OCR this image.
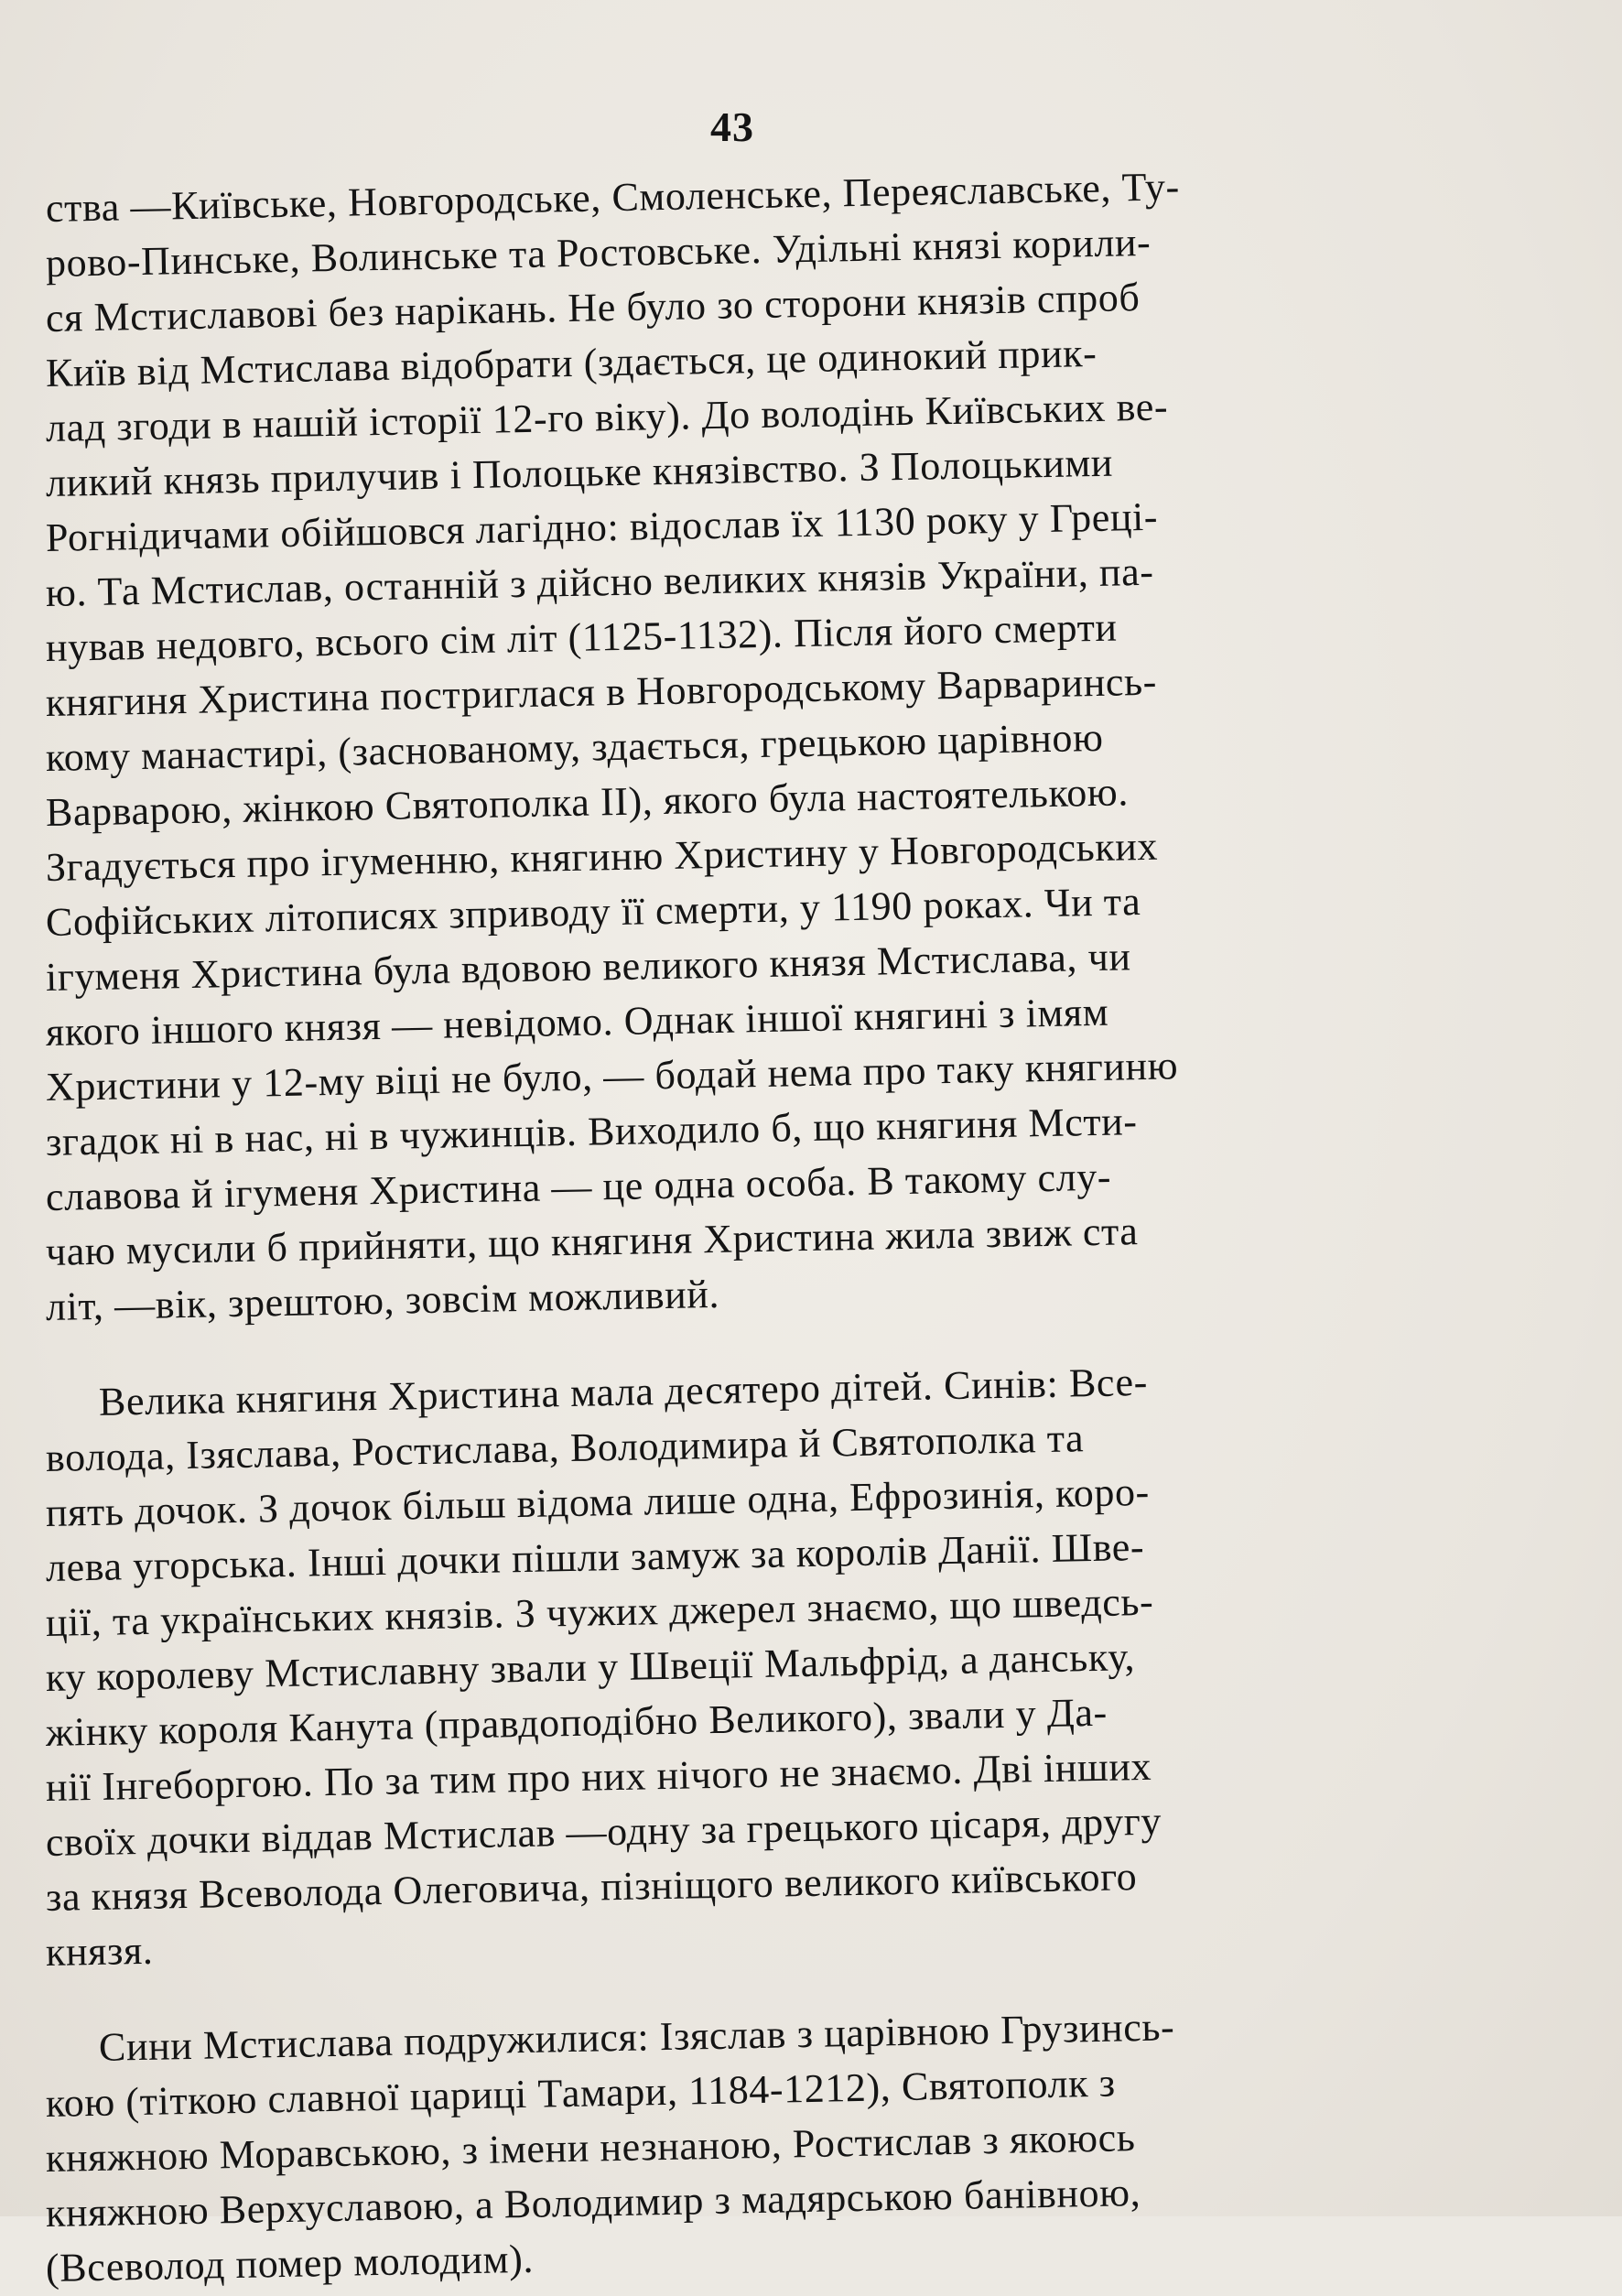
43
ства —Київське, Новгородське, Смоленське, Переяславське, Ту-
рово-Пинське, Волинське та Ростовське. Удільні князі корили-
ся Мстиславові без нарікань. Не було зо сторони князів спроб
Київ від Мстислава відобрати (здається, це одинокий прик-
лад згоди в нашій історії 12-го віку). До володінь Київських ве-
ликий князь прилучив і Полоцьке князівство. З Полоцькими
Рогнідичами обійшовся лагідно: відослав їх 1130 року у Греці-
ю. Та Мстислав, останній з дійсно великих князів України, па-
нував недовго, всього сім літ (1125-1132). Після його смерти
княгиня Христина постриглася в Новгородському Варваринсь-
кому манастирі, (заснованому, здається, грецькою царівною
Варварою, жінкою Святополка II), якого була настоятелькою.
Згадується про ігуменню, княгиню Христину у Новгородських
Софійських літописях зприводу її смерти, у 1190 роках. Чи та
ігуменя Христина була вдовою великого князя Мстислава, чи
якого іншого князя — невідомо. Однак іншої княгині з імям
Христини у 12-му віці не було, — бодай нема про таку княгиню
згадок ні в нас, ні в чужинців. Виходило б, що княгиня Мсти-
славова й ігуменя Христина — це одна особа. В такому слу-
чаю мусили б прийняти, що княгиня Христина жила звиж ста
літ, —вік, зрештою, зовсім можливий.
Велика княгиня Христина мала десятеро дітей. Синів: Все-
волода, Ізяслава, Ростислава, Володимира й Святополка та
пять дочок. З дочок більш відома лише одна, Ефрозинія, коро-
лева угорська. Інші дочки пішли замуж за королів Данії. Шве-
ції, та українських князів. З чужих джерел знаємо, що шведсь-
ку королеву Мстиславну звали у Швеції Мальфрід, а данську,
жінку короля Канута (правдоподібно Великого), звали у Да-
нії Інгеборгою. По за тим про них нічого не знаємо. Дві інших
своїх дочки віддав Мстислав —одну за грецького цісаря, другу
за князя Всеволода Олеговича, пізніщого великого київського
князя.
Сини Мстислава подружилися: Ізяслав з царівною Грузинсь-
кою (тіткою славної цариці Тамари, 1184-1212), Святополк з
княжною Моравською, з імени незнаною, Ростислав з якоюсь
княжною Верхуславою, а Володимир з мадярською банівною,
(Всеволод помер молодим).
